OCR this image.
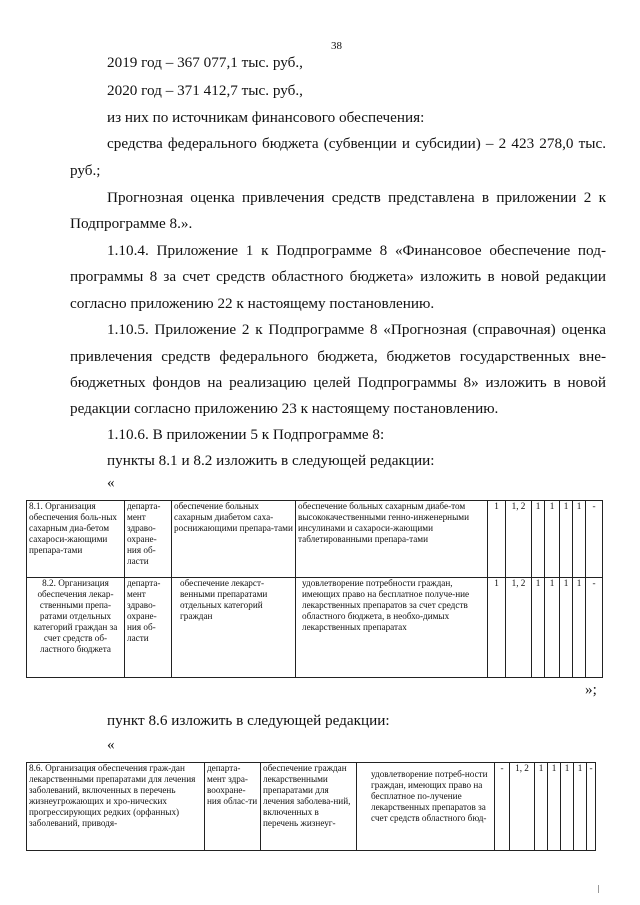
38
2019 год – 367 077,1 тыс. руб.,
2020 год – 371 412,7 тыс. руб.,
из них по источникам финансового обеспечения:
средства федерального бюджета (субвенции и субсидии) – 2 423 278,0 тыс.
руб.;
Прогнозная оценка привлечения средств представлена в приложении 2 к
Подпрограмме 8.».
1.10.4. Приложение 1 к Подпрограмме 8 «Финансовое обеспечение под-
программы 8 за счет средств областного бюджета» изложить в новой редакции
согласно приложению 22 к настоящему постановлению.
1.10.5. Приложение 2 к Подпрограмме 8 «Прогнозная (справочная) оценка
привлечения средств федерального бюджета, бюджетов государственных вне-
бюджетных фондов на реализацию целей Подпрограммы 8» изложить в новой
редакции согласно приложению 23 к настоящему постановлению.
1.10.6. В приложении 5 к Подпрограмме 8:
пункты 8.1 и 8.2 изложить в следующей редакции:
«
8.1. Организация обеспечения боль-ных сахарным диа-бетом сахароси-жающими препара-тами	департа-мент здраво-охране-ния об-ласти	обеспечение больных сахарным диабетом саха-роснижающими препара-тами	обеспечение больных сахарным диабе-том высококачественными генно-инженерными инсулинами и сахароси-жающими таблетированными препара-тами	1	1, 2	1	1	1	1	-
8.2. Организация обеспечения лекар-ственными препа-ратами отдельных категорий граждан за счет средств об-ластного бюджета	департа-мент здраво-охране-ния об-ласти	обеспечение лекарст-венными препаратами отдельных категорий граждан	удовлетворение потребности граждан, имеющих право на бесплатное получе-ние лекарственных препаратов за счет средств областного бюджета, в необхо-димых лекарственных препаратах	1	1, 2	1	1	1	1	-
»;
пункт 8.6 изложить в следующей редакции:
«
8.6. Организация обеспечения граж-дан лекарственными препаратами для лечения заболеваний, включенных в перечень жизнеугрожающих и хро-нических прогрессирующих редких (орфанных) заболеваний, приводя-	департа-мент здра-воохране-ния облас-ти	обеспечение граждан лекарственными препаратами для лечения заболева-ний, включенных в перечень жизнеуг-	удовлетворение потреб-ности граждан, имеющих право на бесплатное по-лучение лекарственных препаратов за счет средств областного бюд-	-	1, 2	1	1	1	1	-
